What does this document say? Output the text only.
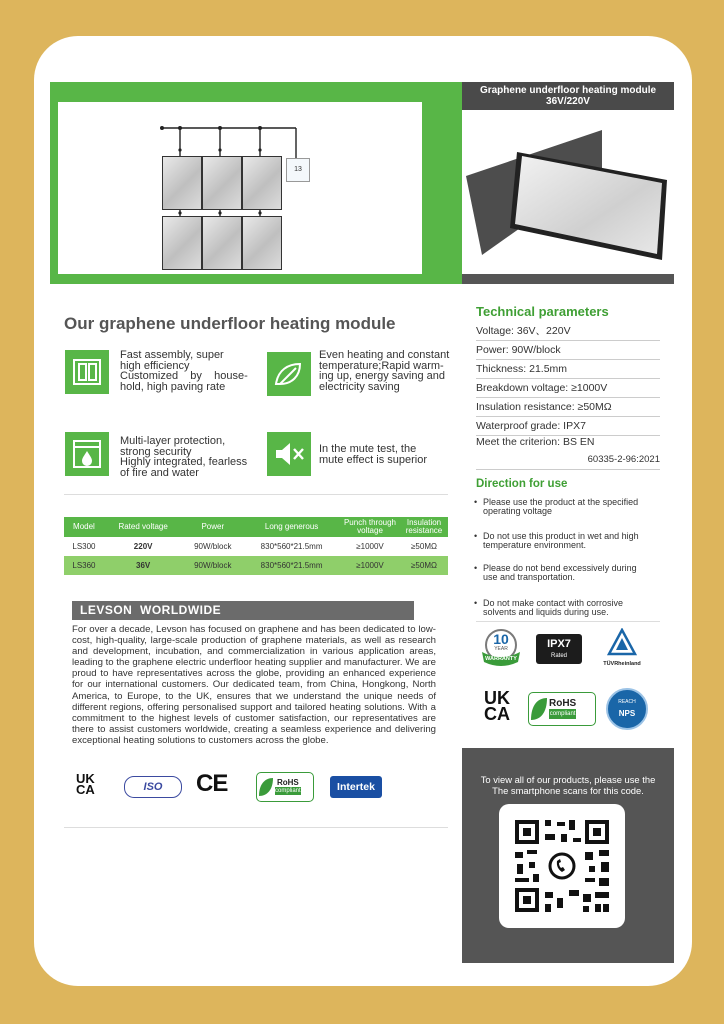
13
Graphene underfloor heating module
36V/220V
Our graphene underfloor heating module
Fast assembly, super
high efficiency
Customized    by    house-
hold, high paving rate
Even heating and constant
temperature;Rapid warm-
ing up, energy saving and
electricity saving
Multi-layer protection,
strong security
Highly integrated, fearless
of fire and water
In the mute test, the
mute effect is superior
Model	Rated voltage	Power	Long generous	Punch through voltage	Insulation resistance
LS300	220V	90W/block	830*560*21.5mm	≥1000V	≥50MΩ
LS360	36V	90W/block	830*560*21.5mm	≥1000V	≥50MΩ
LEVSON  WORLDWIDE
For over a decade, Levson has focused on graphene and has been dedicated to low-cost, high-quality, large-scale production of graphene materials, as well as research and development, incubation, and commercialization in various application areas, leading to the graphene electric underfloor heating supplier and manufacturer. We are proud to have representatives across the globe, providing an enhanced experience for our international customers. Our dedicated team, from China, Hongkong, North America, to Europe, to the UK, ensures that we understand the unique needs of different regions, offering personalised support and tailored heating solutions. With a commitment to the highest levels of customer satisfaction, our representatives are there to assist customers worldwide, creating a seamless experience and delivering exceptional heating solutions to customers across the globe.
UK
CA	ISO CE	RoHS
compliant	Intertek
Technical parameters
Voltage: 36V、220V
Power: 90W/block
Thickness: 21.5mm
Breakdown voltage: ≥1000V
Insulation resistance: ≥50MΩ
Waterproof grade: IPX7
Meet the criterion: BS EN
60335-2-96:2021
Direction for use
• Please use the product at the specified
operating voltage
• Do not use this product in wet and high
temperature environment.
• Please do not bend excessively during
use and transportation.
• Do not make contact with corrosive
solvents and liquids during use.
10
YEAR
WARRANTY
IPX7
Rated
TÜVRheinland
UK
CA
RoHS
compliant
REACH
NPS
To view all of our products, please use the
The smartphone scans for this code.
